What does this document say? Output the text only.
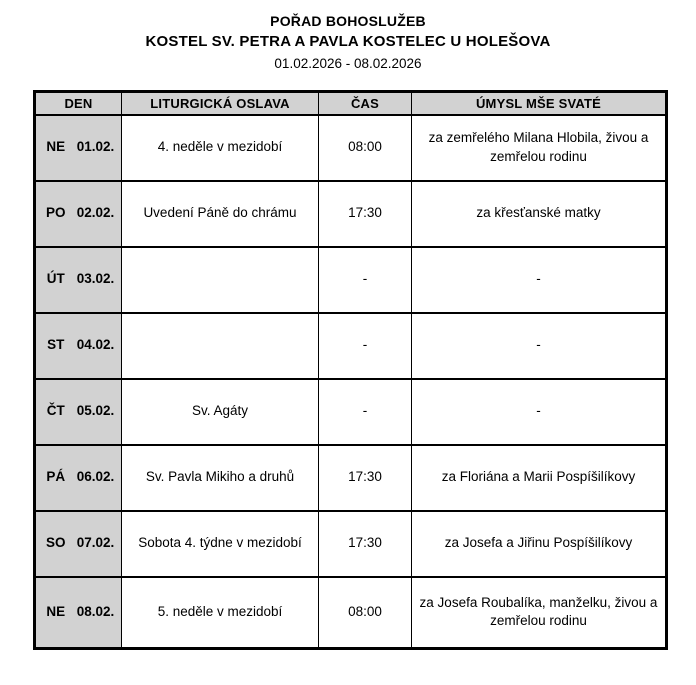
POŘAD BOHOSLUŽEB

KOSTEL SV. PETRA A PAVLA KOSTELEC U HOLEŠOVA

01.02.2026 - 08.02.2026

DEN	LITURGICKÁ OSLAVA	ČAS	ÚMYSL MŠE SVATÉ
NE 01.02.	4. neděle v mezidobí	08:00	za zemřelého Milana Hlobila, živou a zemřelou rodinu
PO 02.02.	Uvedení Páně do chrámu	17:30	za křesťanské matky
ÚT 03.02.		-	-
ST 04.02.		-	-
ČT 05.02.	Sv. Agáty	-	-
PÁ 06.02.	Sv. Pavla Mikiho a druhů	17:30	za Floriána a Marii Pospíšilíkovy
SO 07.02.	Sobota 4. týdne v mezidobí	17:30	za Josefa a Jiřinu Pospíšilíkovy
NE 08.02.	5. neděle v mezidobí	08:00	za Josefa Roubalíka, manželku, živou a zemřelou rodinu
